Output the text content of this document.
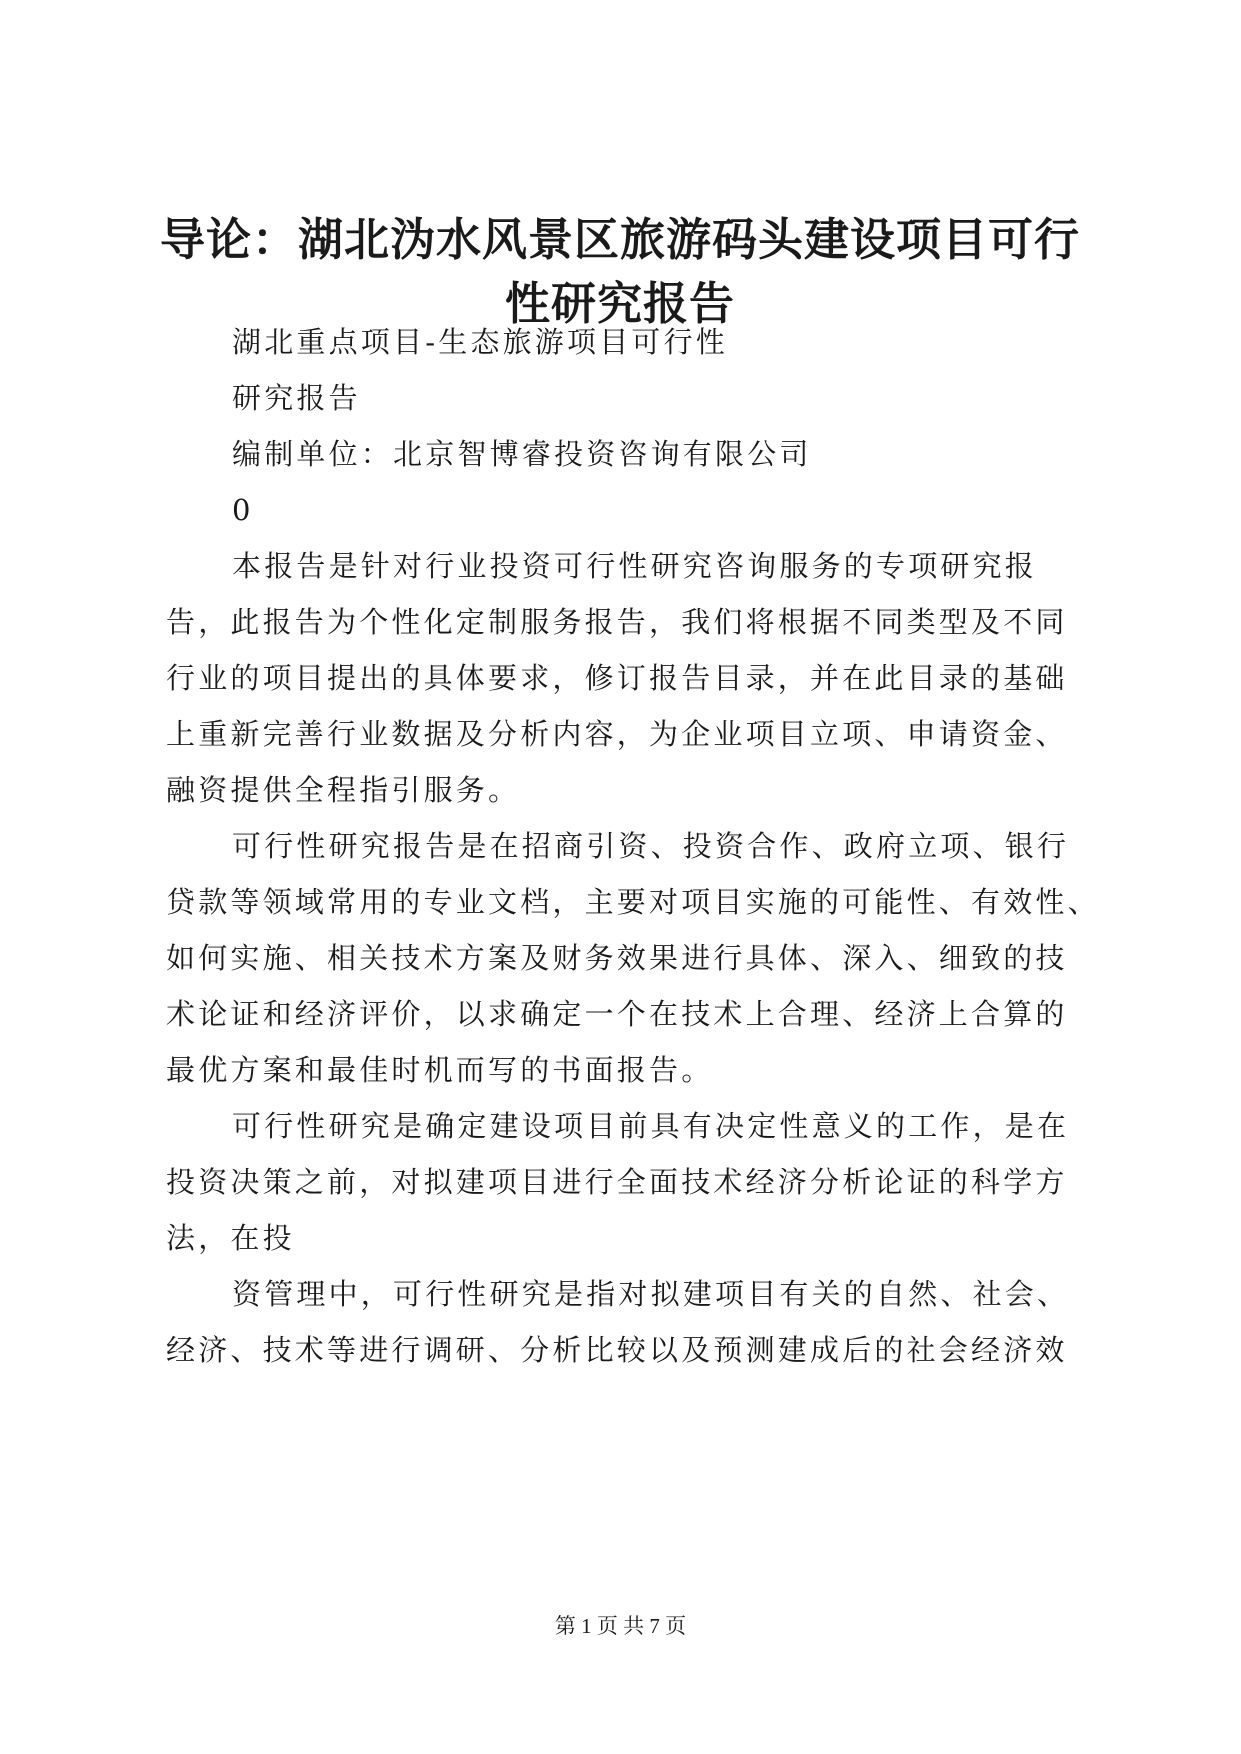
导论：湖北沩水风景区旅游码头建设项目可行
性研究报告

湖北重点项目-生态旅游项目可行性

研究报告

编制单位：北京智博睿投资咨询有限公司

0

本报告是针对行业投资可行性研究咨询服务的专项研究报

告，此报告为个性化定制服务报告，我们将根据不同类型及不同

行业的项目提出的具体要求，修订报告目录，并在此目录的基础

上重新完善行业数据及分析内容，为企业项目立项、申请资金、

融资提供全程指引服务。

可行性研究报告是在招商引资、投资合作、政府立项、银行

贷款等领域常用的专业文档，主要对项目实施的可能性、有效性、

如何实施、相关技术方案及财务效果进行具体、深入、细致的技

术论证和经济评价，以求确定一个在技术上合理、经济上合算的

最优方案和最佳时机而写的书面报告。

可行性研究是确定建设项目前具有决定性意义的工作，是在

投资决策之前，对拟建项目进行全面技术经济分析论证的科学方

法，在投

资管理中，可行性研究是指对拟建项目有关的自然、社会、

经济、技术等进行调研、分析比较以及预测建成后的社会经济效

第 1 页 共 7 页
